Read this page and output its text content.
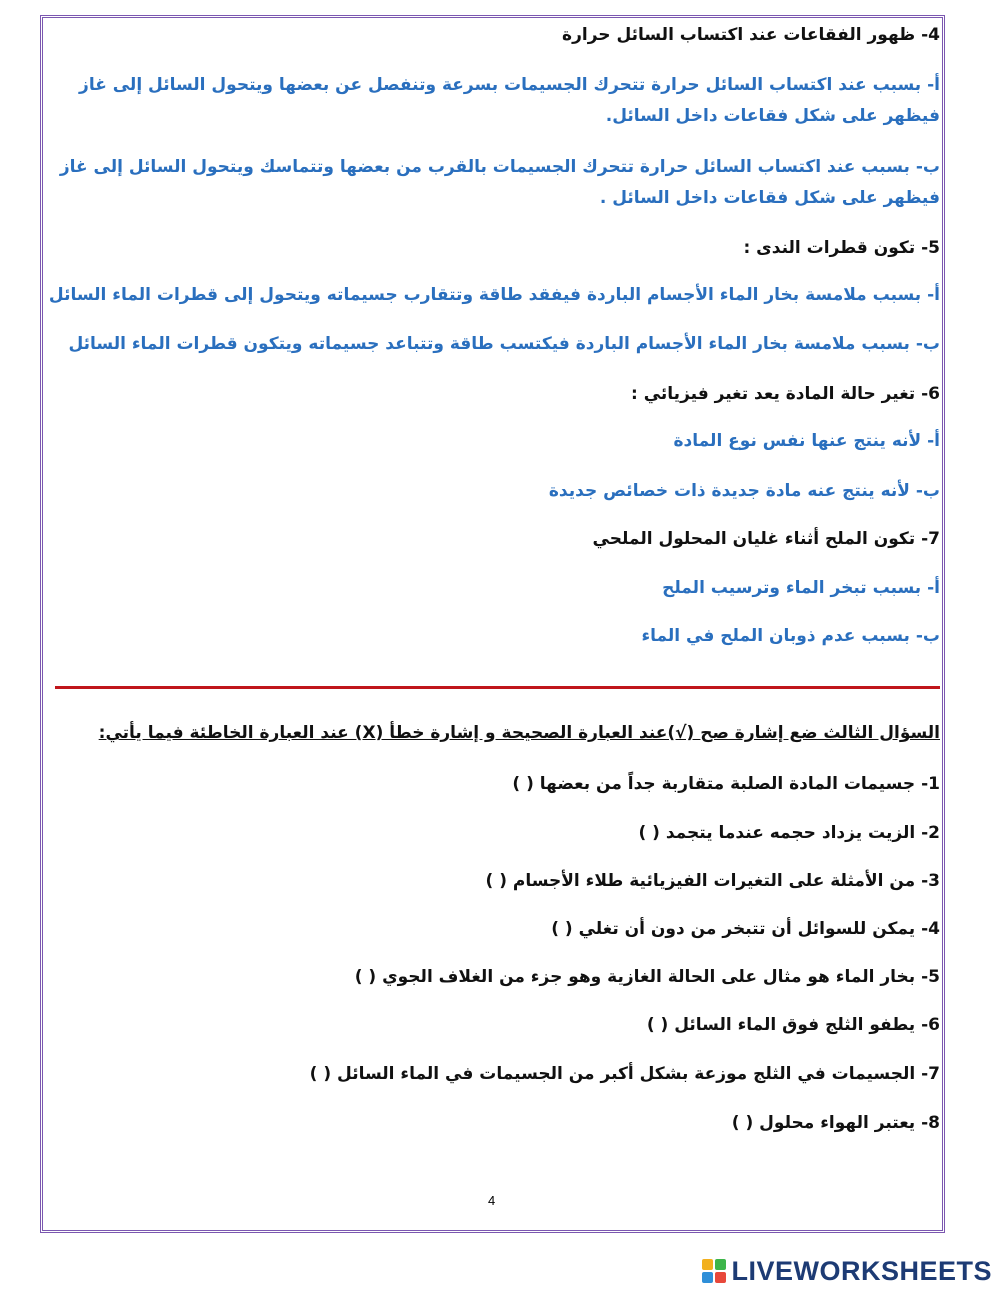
4- ظهور الفقاعات عند اكتساب السائل حرارة
أ- بسبب عند اكتساب السائل حرارة تتحرك الجسيمات بسرعة وتنفصل عن بعضها ويتحول السائل إلى غاز فيظهر على شكل فقاعات داخل السائل.
ب- بسبب عند اكتساب السائل حرارة تتحرك الجسيمات بالقرب من بعضها وتتماسك ويتحول السائل إلى غاز فيظهر على شكل فقاعات داخل السائل .
5- تكون قطرات الندى :
أ- بسبب ملامسة بخار الماء الأجسام الباردة فيفقد طاقة وتتقارب جسيماته ويتحول إلى قطرات الماء السائل
ب- بسبب ملامسة بخار الماء الأجسام الباردة فيكتسب طاقة وتتباعد جسيماته ويتكون قطرات الماء السائل
6- تغير حالة المادة يعد تغير فيزيائي :
أ- لأنه ينتج عنها نفس نوع المادة
ب- لأنه ينتج عنه مادة جديدة ذات خصائص جديدة
7- تكون الملح أثناء غليان المحلول الملحي
أ- بسبب تبخر الماء وترسيب الملح
ب- بسبب عدم ذوبان الملح في الماء
السؤال الثالث ضع إشارة صح (√)عند العبارة الصحيحة و إشارة خطأ (X) عند العبارة الخاطئة فيما يأتي:
1- جسيمات المادة الصلبة متقاربة جداً من بعضها ( )
2- الزيت يزداد حجمه عندما يتجمد ( )
3- من الأمثلة على التغيرات الفيزيائية طلاء الأجسام ( )
4- يمكن للسوائل أن تتبخر من دون أن تغلي ( )
5- بخار الماء هو مثال على الحالة الغازية وهو جزء من الغلاف الجوي ( )
6- يطفو الثلج فوق الماء السائل ( )
7- الجسيمات في الثلج موزعة بشكل أكبر من الجسيمات في الماء السائل ( )
8- يعتبر الهواء محلول ( )
4
LIVEWORKSHEETS
